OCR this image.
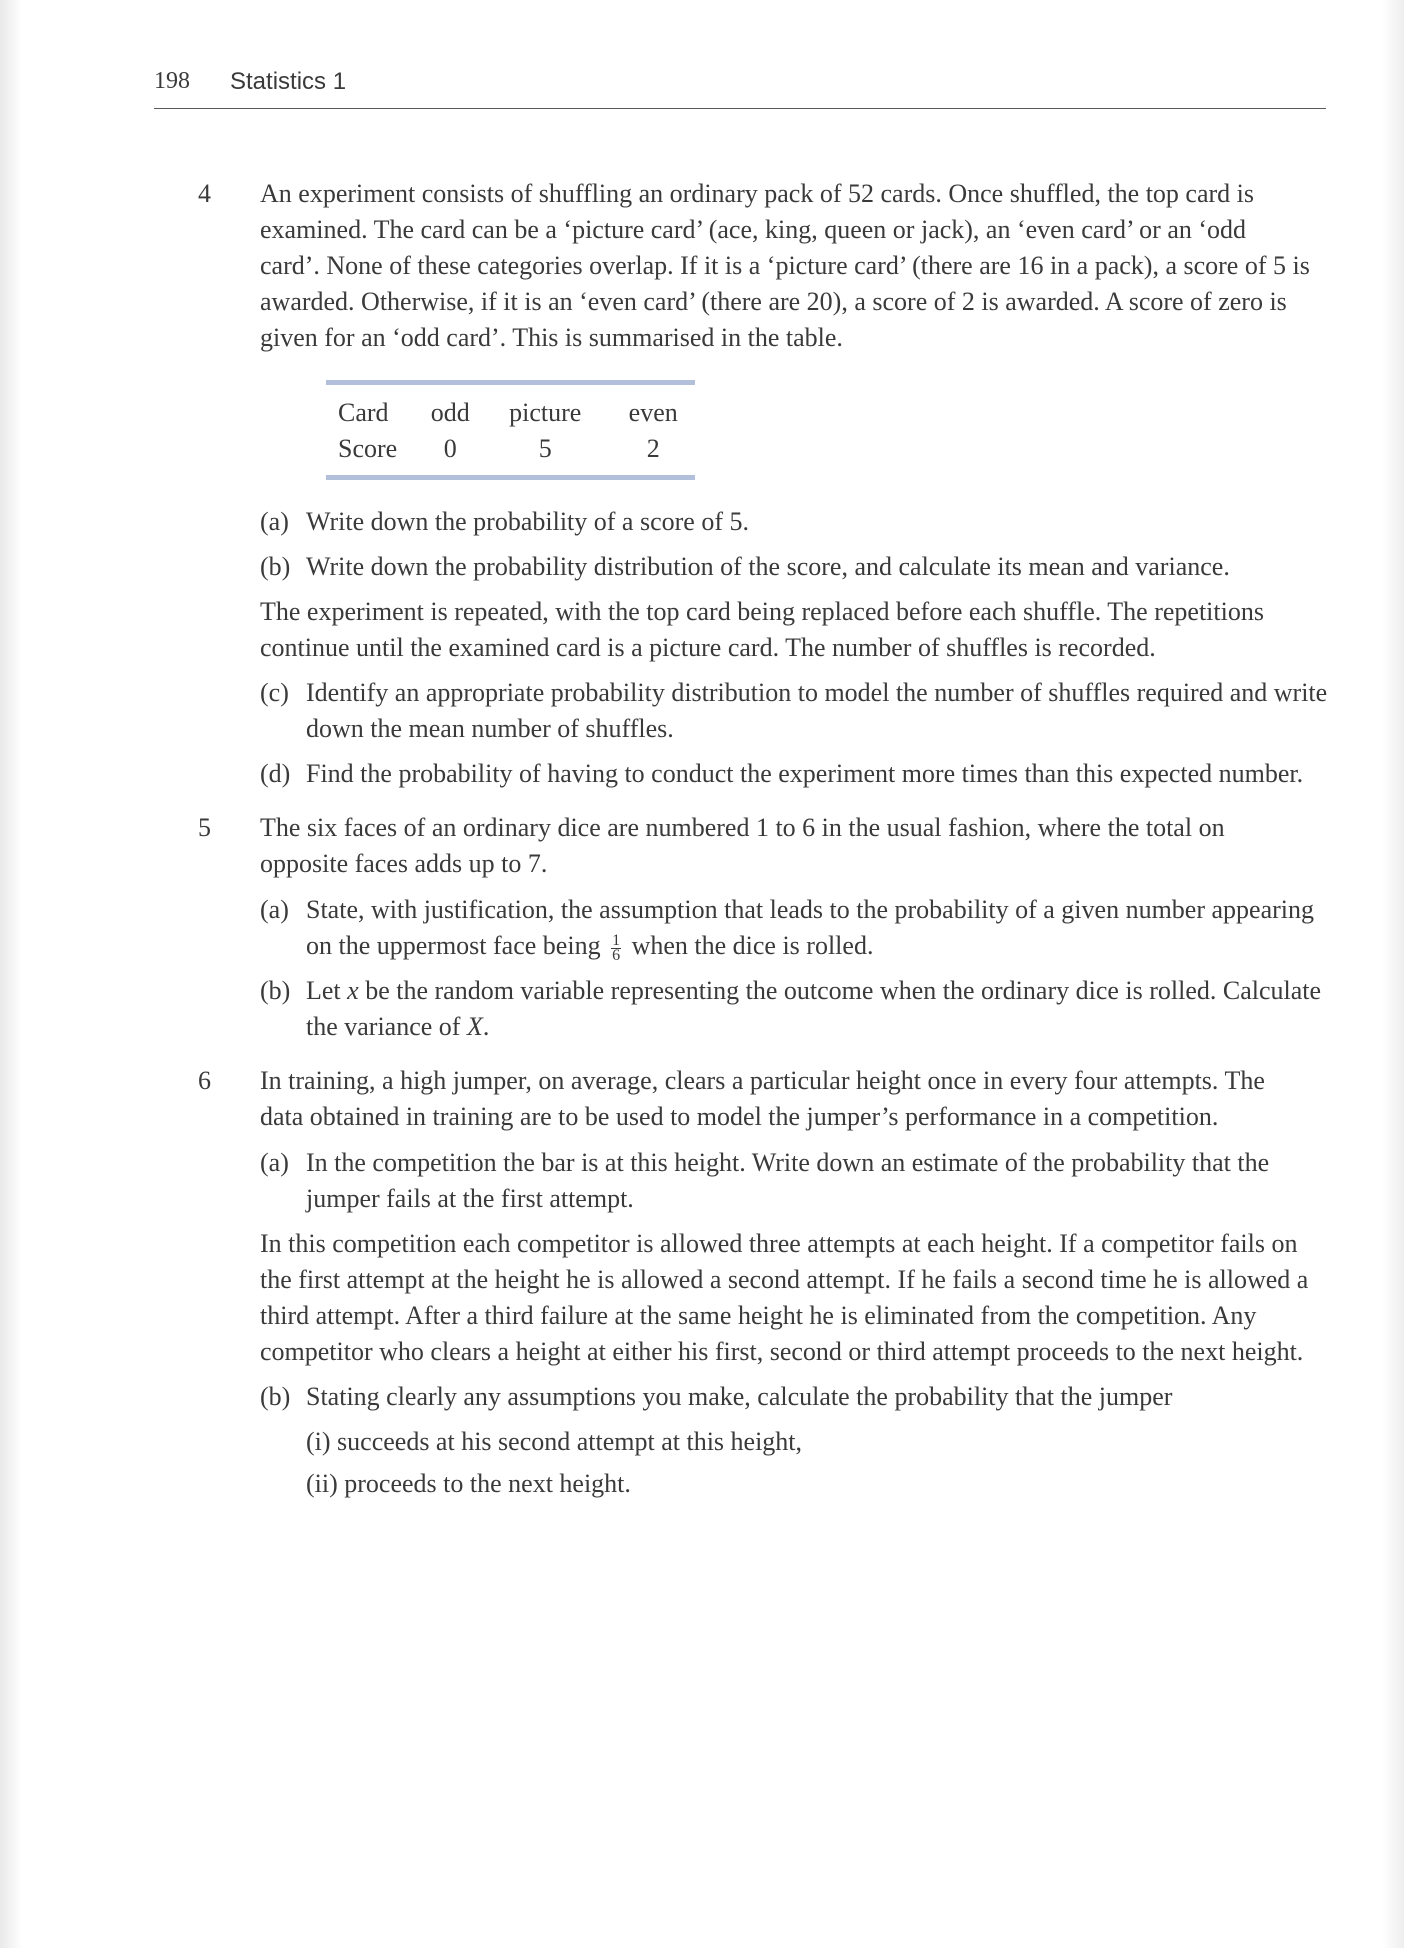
198 Statistics 1
4 An experiment consists of shuffling an ordinary pack of 52 cards. Once shuffled, the top card is examined. The card can be a ‘picture card’ (ace, king, queen or jack), an ‘even card’ or an ‘odd card’. None of these categories overlap. If it is a ‘picture card’ (there are 16 in a pack), a score of 5 is awarded. Otherwise, if it is an ‘even card’ (there are 20), a score of 2 is awarded. A score of zero is given for an ‘odd card’. This is summarised in the table.
Card	odd	picture	even
Score	0	5	2
(a) Write down the probability of a score of 5.
(b) Write down the probability distribution of the score, and calculate its mean and variance.
The experiment is repeated, with the top card being replaced before each shuffle. The repetitions continue until the examined card is a picture card. The number of shuffles is recorded.
(c) Identify an appropriate probability distribution to model the number of shuffles required and write down the mean number of shuffles.
(d) Find the probability of having to conduct the experiment more times than this expected number.
5 The six faces of an ordinary dice are numbered 1 to 6 in the usual fashion, where the total on opposite faces adds up to 7.
(a) State, with justification, the assumption that leads to the probability of a given number appearing on the uppermost face being $\frac{1}{6}$ when the dice is rolled.
(b) Let x be the random variable representing the outcome when the ordinary dice is rolled. Calculate the variance of X.
6 In training, a high jumper, on average, clears a particular height once in every four attempts. The data obtained in training are to be used to model the jumper’s performance in a competition.
(a) In the competition the bar is at this height. Write down an estimate of the probability that the jumper fails at the first attempt.
In this competition each competitor is allowed three attempts at each height. If a competitor fails on the first attempt at the height he is allowed a second attempt. If he fails a second time he is allowed a third attempt. After a third failure at the same height he is eliminated from the competition. Any competitor who clears a height at either his first, second or third attempt proceeds to the next height.
(b) Stating clearly any assumptions you make, calculate the probability that the jumper
(i) succeeds at his second attempt at this height,
(ii) proceeds to the next height.
